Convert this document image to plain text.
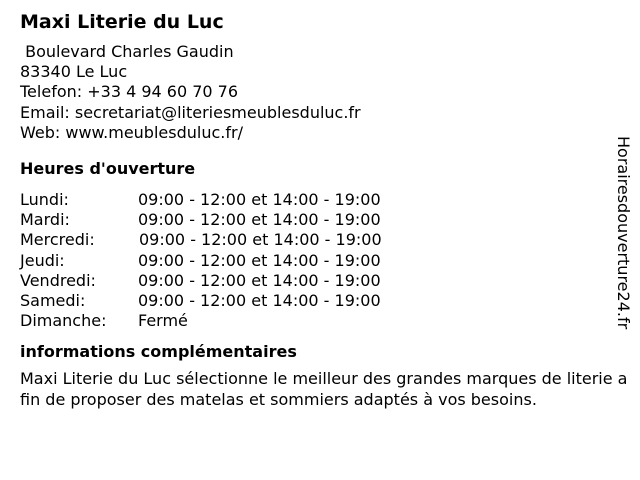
Maxi Literie du Luc
Boulevard Charles Gaudin
83340 Le Luc
Telefon: +33 4 94 60 70 76
Email: secretariat@literiesmeublesduluc.fr
Web: www.meublesduluc.fr/
Heures d'ouverture
Lundi:	09:00 - 12:00 et 14:00 - 19:00
Mardi:	09:00 - 12:00 et 14:00 - 19:00
Mercredi:	09:00 - 12:00 et 14:00 - 19:00
Jeudi:	09:00 - 12:00 et 14:00 - 19:00
Vendredi:	09:00 - 12:00 et 14:00 - 19:00
Samedi:	09:00 - 12:00 et 14:00 - 19:00
Dimanche:	Fermé
informations complémentaires
Maxi Literie du Luc sélectionne le meilleur des grandes marques de literie afin de proposer des matelas et sommiers adaptés à vos besoins.
Horairesdouverture24.fr
